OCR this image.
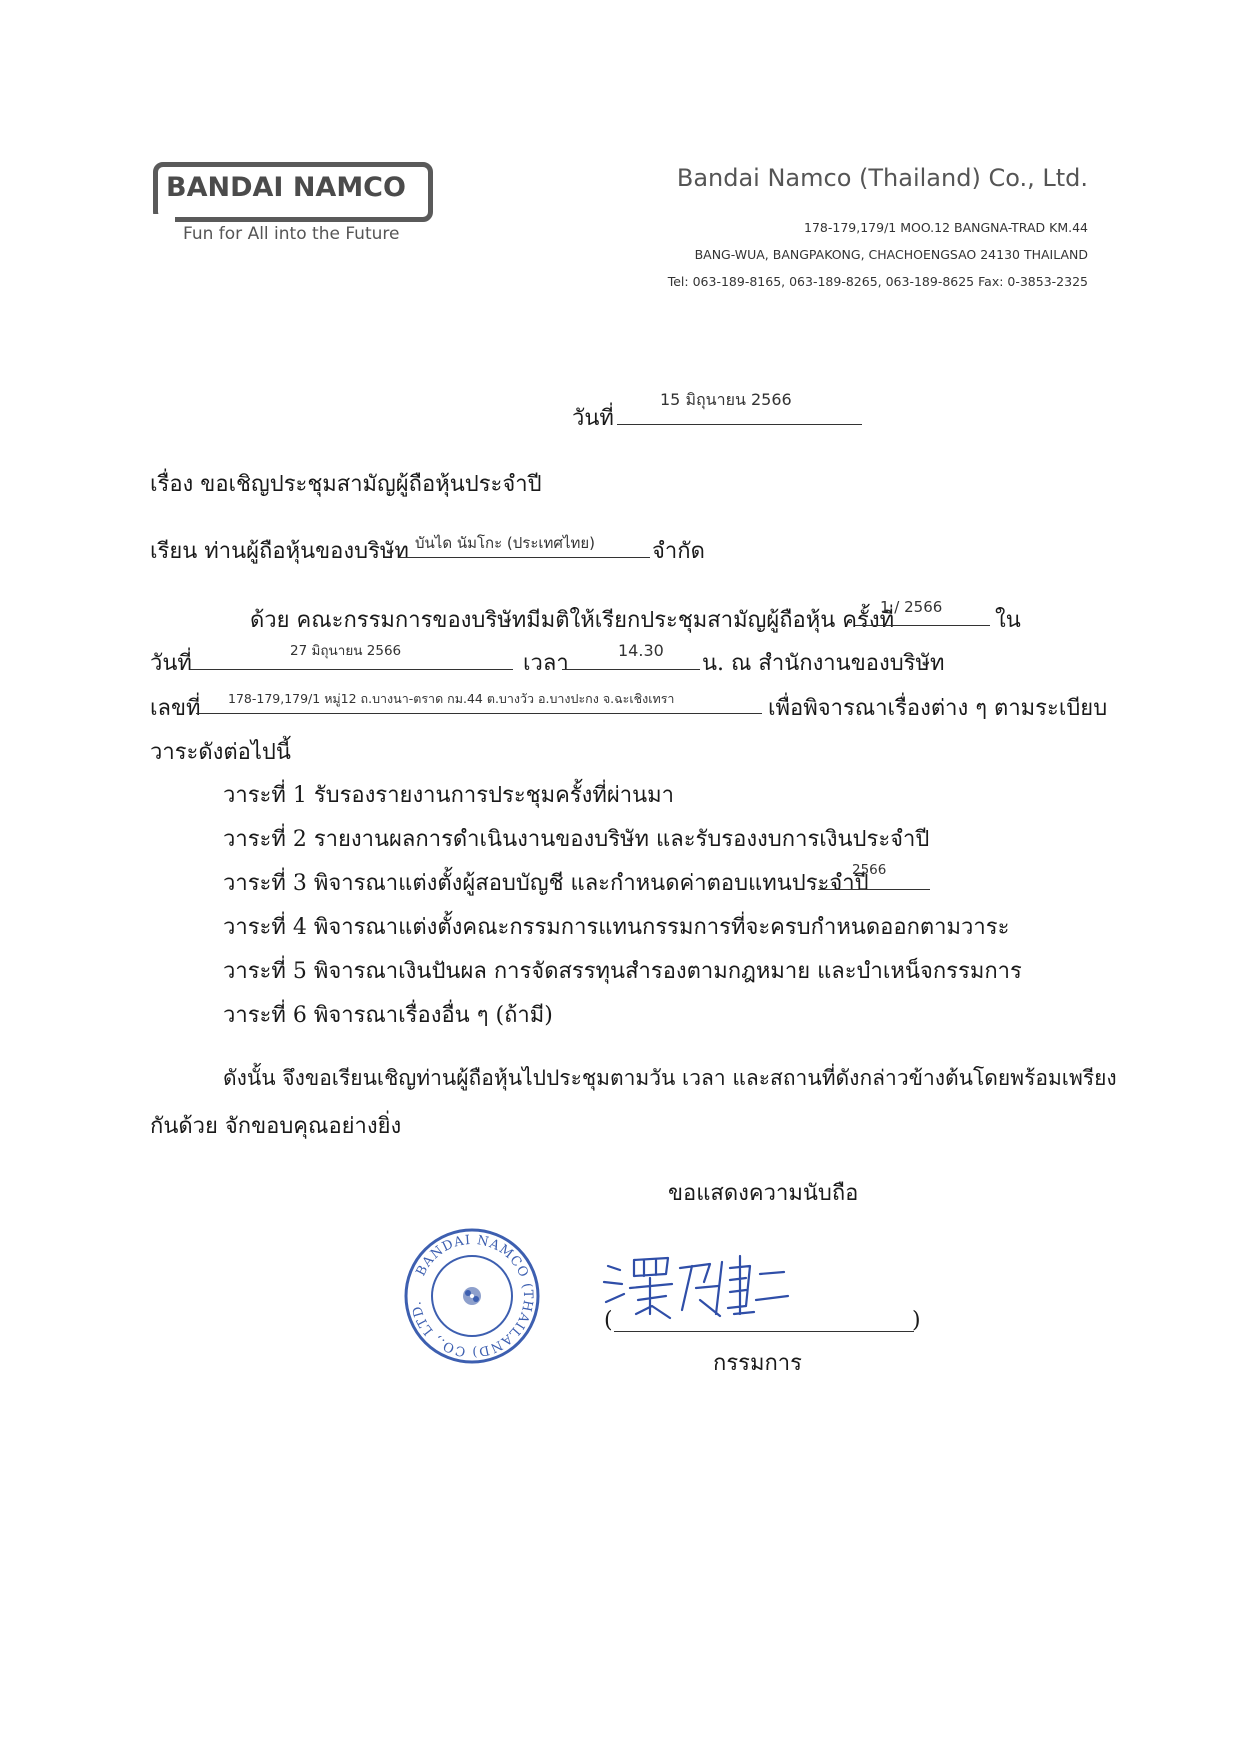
BANDAI NAMCO
Fun for All into the Future
Bandai Namco (Thailand) Co., Ltd.
178-179,179/1 MOO.12 BANGNA-TRAD KM.44
BANG-WUA, BANGPAKONG, CHACHOENGSAO 24130 THAILAND
Tel: 063-189-8165, 063-189-8265, 063-189-8625 Fax: 0-3853-2325
วันที่
15 มิถุนายน 2566
เรื่อง ขอเชิญประชุมสามัญผู้ถือหุ้นประจำปี
เรียน ท่านผู้ถือหุ้นของบริษัท บันได นัมโกะ (ประเทศไทย)	จำกัด
ด้วย คณะกรรมการของบริษัทมีมติให้เรียกประชุมสามัญผู้ถือหุ้น ครั้งที่
1 / 2566
ใน
วันที่	27 มิถุนายน 2566	เวลา
14.30
น. ณ สำนักงานของบริษัท
เลขที่ 178-179,179/1 หมู่12 ถ.บางนา-ตราด กม.44 ต.บางวัว อ.บางปะกง จ.ฉะเชิงเทรา	เพื่อพิจารณาเรื่องต่าง ๆ ตามระเบียบ
วาระดังต่อไปนี้
วาระที่ 1 รับรองรายงานการประชุมครั้งที่ผ่านมา
วาระที่ 2 รายงานผลการดำเนินงานของบริษัท และรับรองงบการเงินประจำปี
วาระที่ 3 พิจารณาแต่งตั้งผู้สอบบัญชี และกำหนดค่าตอบแทนประจำปี
2566
วาระที่ 4 พิจารณาแต่งตั้งคณะกรรมการแทนกรรมการที่จะครบกำหนดออกตามวาระ
วาระที่ 5 พิจารณาเงินปันผล การจัดสรรทุนสำรองตามกฎหมาย และบำเหน็จกรรมการ
วาระที่ 6 พิจารณาเรื่องอื่น ๆ (ถ้ามี)
ดังนั้น จึงขอเรียนเชิญท่านผู้ถือหุ้นไปประชุมตามวัน เวลา และสถานที่ดังกล่าวข้างต้นโดยพร้อมเพรียง
กันด้วย จักขอบคุณอย่างยิ่ง
ขอแสดงความนับถือ
BANDAI NAMCO (THAILAND) CO., LTD.
(	)
กรรมการ
